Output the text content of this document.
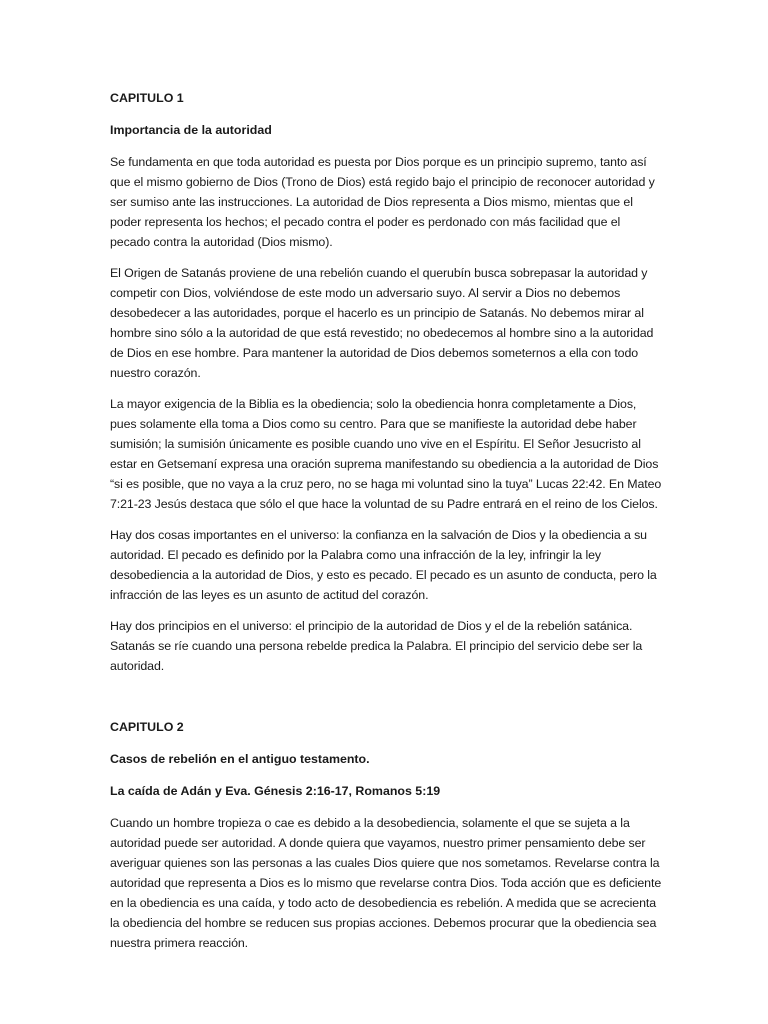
CAPITULO 1
Importancia de la autoridad

Se fundamenta en que toda autoridad es puesta por Dios porque es un principio supremo, tanto así que el mismo gobierno de Dios (Trono de Dios) está regido bajo el principio de reconocer autoridad y ser sumiso ante las instrucciones. La autoridad de Dios representa a Dios mismo, mientas que el poder representa los hechos; el pecado contra el poder es perdonado con más facilidad que el pecado contra la autoridad (Dios mismo).

El Origen de Satanás proviene de una rebelión cuando el querubín busca sobrepasar la autoridad y competir con Dios, volviéndose de este modo un adversario suyo. Al servir a Dios no debemos desobedecer a las autoridades, porque el hacerlo es un principio de Satanás. No debemos mirar al hombre sino sólo a la autoridad de que está revestido; no obedecemos al hombre sino a la autoridad de Dios en ese hombre. Para mantener la autoridad de Dios debemos someternos a ella con todo nuestro corazón.

La mayor exigencia de la Biblia es la obediencia; solo la obediencia honra completamente a Dios, pues solamente ella toma a Dios como su centro. Para que se manifieste la autoridad debe haber sumisión; la sumisión únicamente es posible cuando uno vive en el Espíritu. El Señor Jesucristo al estar en Getsemaní expresa una oración suprema manifestando su obediencia a la autoridad de Dios “si es posible, que no vaya a la cruz pero, no se haga mi voluntad sino la tuya” Lucas 22:42. En Mateo 7:21-23 Jesús destaca que sólo el que hace la voluntad de su Padre entrará en el reino de los Cielos.

Hay dos cosas importantes en el universo: la confianza en la salvación de Dios y la obediencia a su autoridad. El pecado es definido por la Palabra como una infracción de la ley, infringir la ley desobediencia a la autoridad de Dios, y esto es pecado. El pecado es un asunto de conducta, pero la infracción de las leyes es un asunto de actitud del corazón.

Hay dos principios en el universo: el principio de la autoridad de Dios y el de la rebelión satánica. Satanás se ríe cuando una persona rebelde predica la Palabra. El principio del servicio debe ser la autoridad.

CAPITULO 2
Casos de rebelión en el antiguo testamento.
La caída de Adán y Eva. Génesis 2:16-17, Romanos 5:19

Cuando un hombre tropieza o cae es debido a la desobediencia, solamente el que se sujeta a la autoridad puede ser autoridad. A donde quiera que vayamos, nuestro primer pensamiento debe ser averiguar quienes son las personas a las cuales Dios quiere que nos sometamos. Revelarse contra la autoridad que representa a Dios es lo mismo que revelarse contra Dios. Toda acción que es deficiente en la obediencia es una caída, y todo acto de desobediencia es rebelión. A medida que se acrecienta la obediencia del hombre se reducen sus propias acciones. Debemos procurar que la obediencia sea nuestra primera reacción.
